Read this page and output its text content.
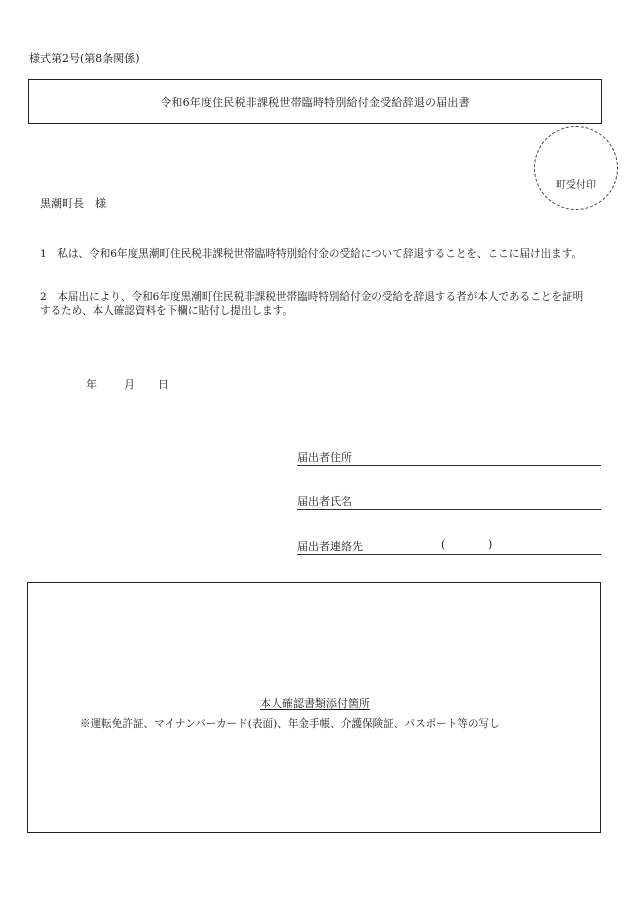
様式第2号(第8条関係)
令和6年度住民税非課税世帯臨時特別給付金受給辞退の届出書
町受付印
黒潮町長　様
1　私は、令和6年度黒潮町住民税非課税世帯臨時特別給付金の受給について辞退することを、ここに届け出ます。
2　本届出により、令和6年度黒潮町住民税非課税世帯臨時特別給付金の受給を辞退する者が本人であることを証明するため、本人確認資料を下欄に貼付し提出します。
年 月 日
届出者住所
届出者氏名
届出者連絡先	(	)
本人確認書類添付箇所
※運転免許証、マイナンバーカード(表面)、年金手帳、介護保険証、パスポート等の写し
